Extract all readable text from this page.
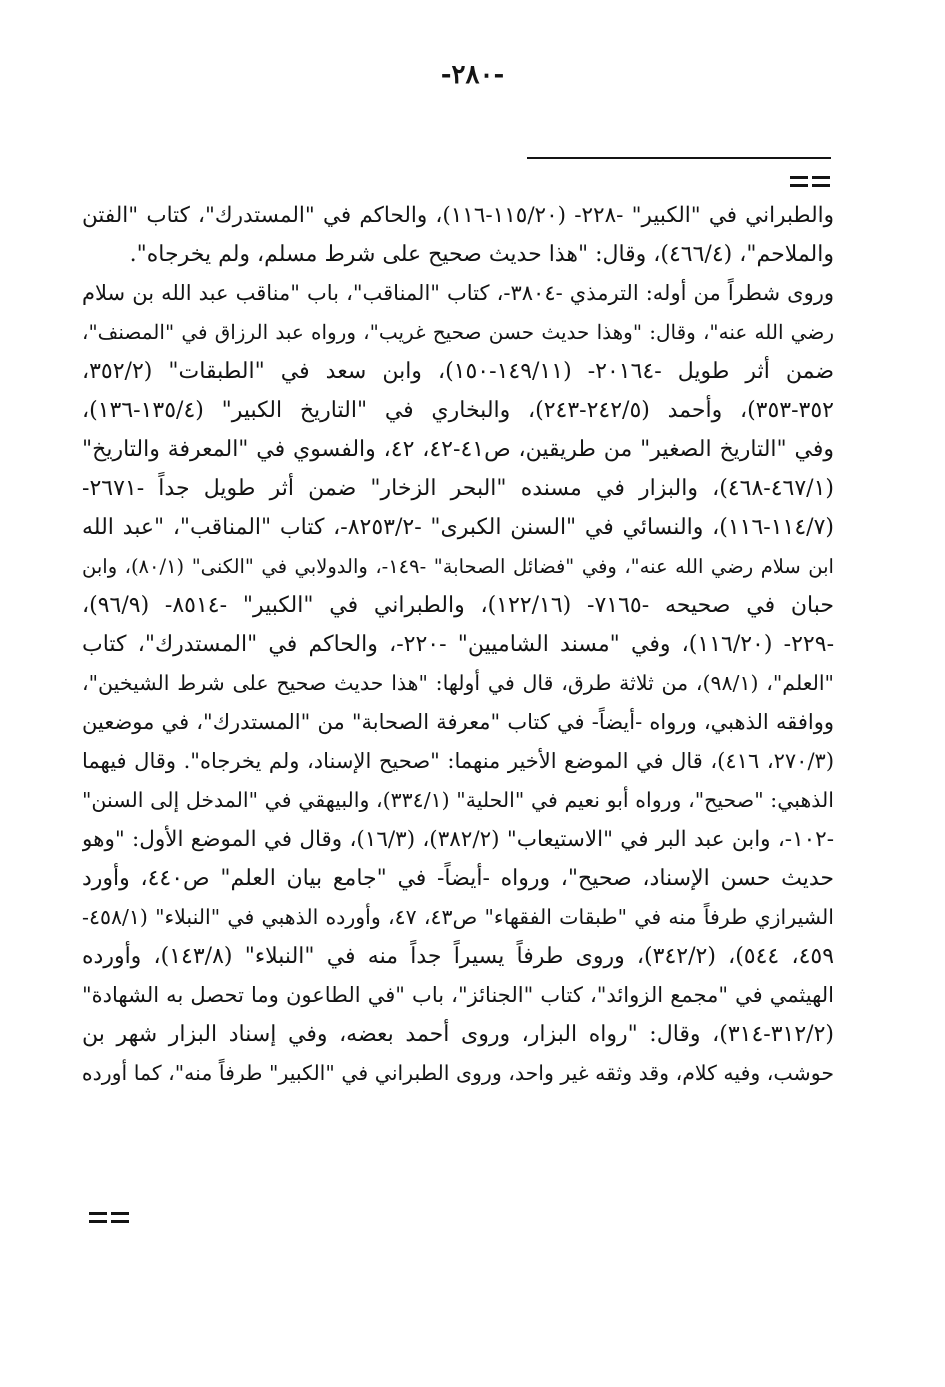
-٢٨٠-
والطبراني في "الكبير" -٢٢٨- (١١٥/٢٠-١١٦)، والحاكم في "المستدرك"، كتاب "الفتن
والملاحم"، (٤٦٦/٤)، وقال: "هذا حديث صحيح على شرط مسلم، ولم يخرجاه".
وروى شطراً من أوله: الترمذي -٣٨٠٤-، كتاب "المناقب"، باب "مناقب عبد الله بن سلام
رضي الله عنه"، وقال: "وهذا حديث حسن صحيح غريب"، ورواه عبد الرزاق في "المصنف"،
ضمن أثر طويل -٢٠١٦٤- (١٤٩/١١-١٥٠)، وابن سعد في "الطبقات" (٣٥٢/٢،
٣٥٢-٣٥٣)، وأحمد (٢٤٢/٥-٢٤٣)، والبخاري في "التاريخ الكبير" (١٣٥/٤-١٣٦)،
وفي "التاريخ الصغير" من طريقين، ص٤١-٤٢، ٤٢، والفسوي في "المعرفة والتاريخ"
(٤٦٧/١-٤٦٨)، والبزار في مسنده "البحر الزخار" ضمن أثر طويل جداً -٢٦٧١-
(١١٤/٧-١١٦)، والنسائي في "السنن الكبرى" -٨٢٥٣/٢-، كتاب "المناقب"، "عبد الله
ابن سلام رضي الله عنه"، وفي "فضائل الصحابة" -١٤٩-، والدولابي في "الكنى" (٨٠/١)، وابن
حبان في صحيحه -٧١٦٥- (١٢٢/١٦)، والطبراني في "الكبير" -٨٥١٤- (٩٦/٩)،
-٢٢٩- (١١٦/٢٠)، وفي "مسند الشاميين" -٢٢٠-، والحاكم في "المستدرك"، كتاب
"العلم"، (٩٨/١)، من ثلاثة طرق، قال في أولها: "هذا حديث صحيح على شرط الشيخين"،
ووافقه الذهبي، ورواه -أيضاً- في كتاب "معرفة الصحابة" من "المستدرك"، في موضعين
(٢٧٠/٣، ٤١٦)، قال في الموضع الأخير منهما: "صحيح الإسناد، ولم يخرجاه". وقال فيهما
الذهبي: "صحيح"، ورواه أبو نعيم في "الحلية" (٣٣٤/١)، والبيهقي في "المدخل إلى السنن"
-١٠٢-، وابن عبد البر في "الاستيعاب" (٣٨٢/٢)، (١٦/٣)، وقال في الموضع الأول: "وهو
حديث حسن الإسناد، صحيح"، ورواه -أيضاً- في "جامع بيان العلم" ص٤٤٠، وأورد
الشيرازي طرفاً منه في "طبقات الفقهاء" ص٤٣، ٤٧، وأورده الذهبي في "النبلاء" (٤٥٨/١-
٤٥٩، ٥٤٤)، (٣٤٢/٢)، وروى طرفاً يسيراً جداً منه في "النبلاء" (١٤٣/٨)، وأورده
الهيثمي في "مجمع الزوائد"، كتاب "الجنائز"، باب "في الطاعون وما تحصل به الشهادة"
(٣١٢/٢-٣١٤)، وقال: "رواه البزار، وروى أحمد بعضه، وفي إسناد البزار شهر بن
حوشب، وفيه كلام، وقد وثقه غير واحد، وروى الطبراني في "الكبير" طرفاً منه"، كما أورده
